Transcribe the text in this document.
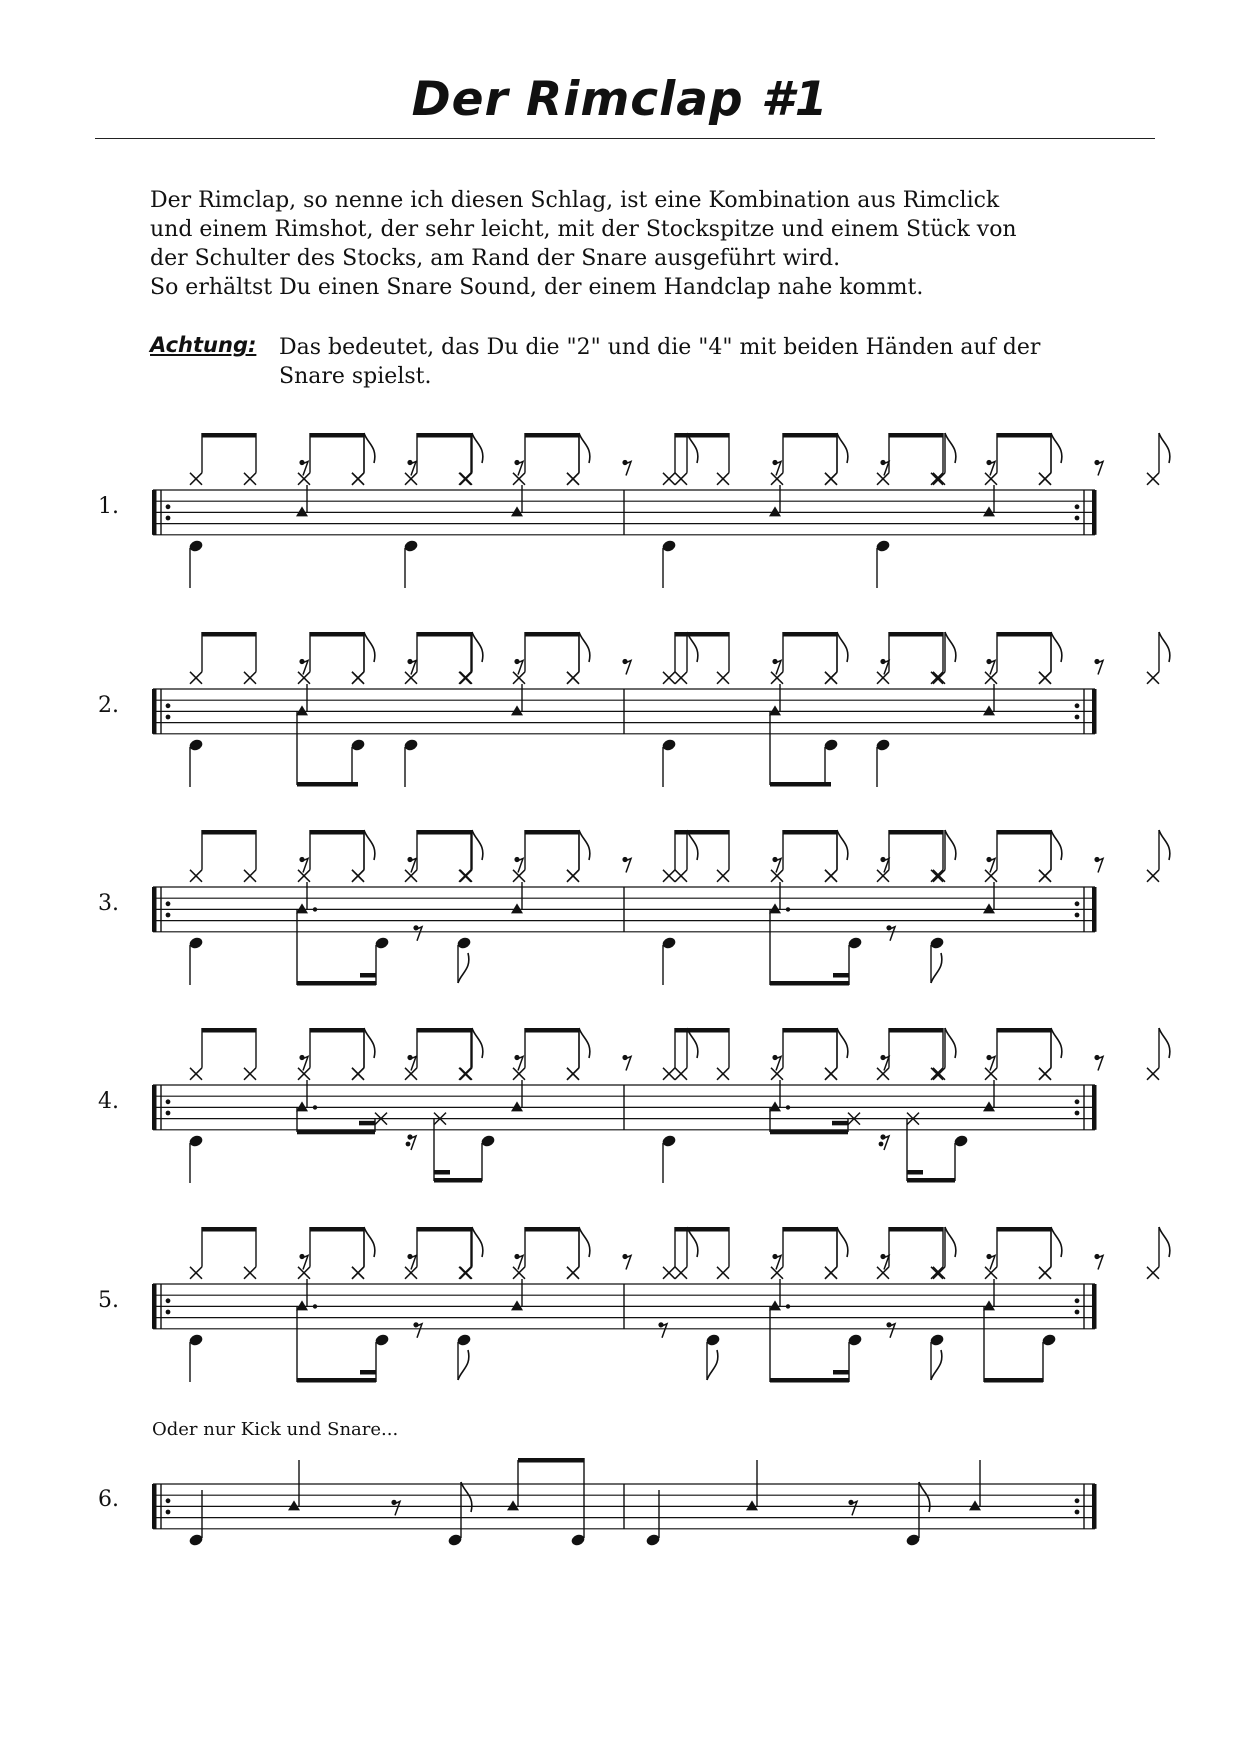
Der Rimclap #1
Der Rimclap, so nenne ich diesen Schlag, ist eine Kombination aus Rimclick
und einem Rimshot, der sehr leicht, mit der Stockspitze und einem Stück von
der Schulter des Stocks, am Rand der Snare ausgeführt wird.
So erhältst Du einen Snare Sound, der einem Handclap nahe kommt.
Achtung: Das bedeutet, das Du die "2" und die "4" mit beiden Händen auf der
Snare spielst.
1.
2.
3.
4.
5.
6.
Oder nur Kick und Snare...
